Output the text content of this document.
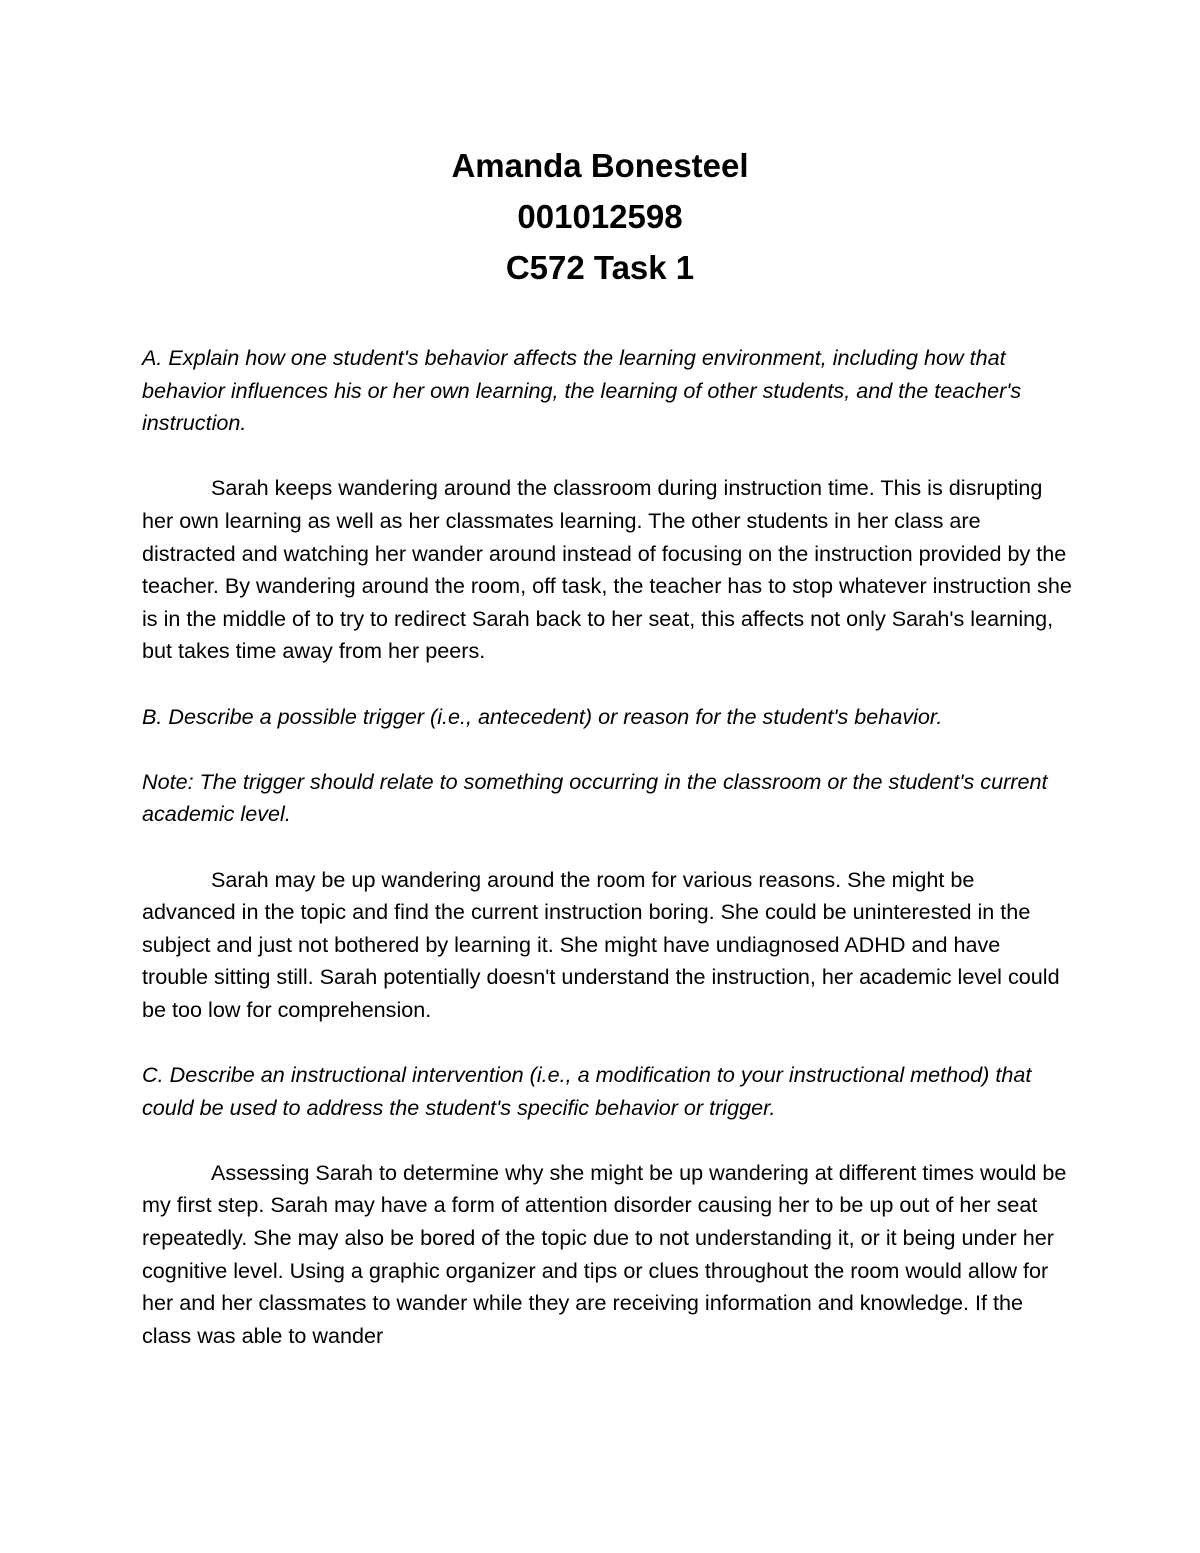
Amanda Bonesteel
001012598
C572 Task 1

A. Explain how one student's behavior affects the learning environment, including how that behavior influences his or her own learning, the learning of other students, and the teacher's instruction.

Sarah keeps wandering around the classroom during instruction time. This is disrupting her own learning as well as her classmates learning. The other students in her class are distracted and watching her wander around instead of focusing on the instruction provided by the teacher. By wandering around the room, off task, the teacher has to stop whatever instruction she is in the middle of to try to redirect Sarah back to her seat, this affects not only Sarah's learning, but takes time away from her peers.

B. Describe a possible trigger (i.e., antecedent) or reason for the student's behavior.

Note: The trigger should relate to something occurring in the classroom or the student's current academic level.

Sarah may be up wandering around the room for various reasons. She might be advanced in the topic and find the current instruction boring. She could be uninterested in the subject and just not bothered by learning it. She might have undiagnosed ADHD and have trouble sitting still. Sarah potentially doesn't understand the instruction, her academic level could be too low for comprehension.

C. Describe an instructional intervention (i.e., a modification to your instructional method) that could be used to address the student's specific behavior or trigger.

Assessing Sarah to determine why she might be up wandering at different times would be my first step. Sarah may have a form of attention disorder causing her to be up out of her seat repeatedly. She may also be bored of the topic due to not understanding it, or it being under her cognitive level. Using a graphic organizer and tips or clues throughout the room would allow for her and her classmates to wander while they are receiving information and knowledge. If the class was able to wander
